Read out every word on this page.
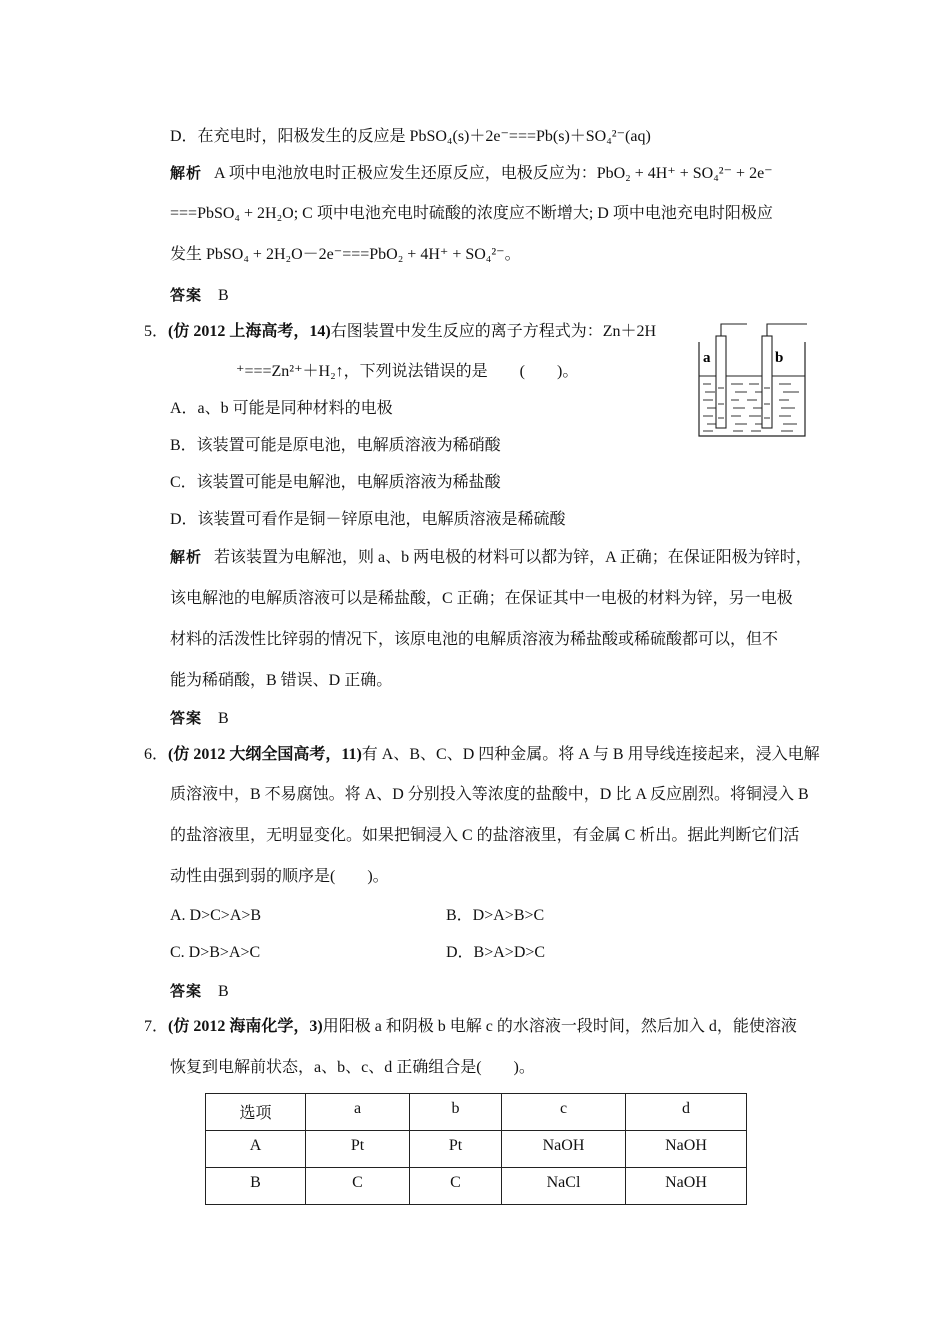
D．在充电时，阳极发生的反应是 PbSO₄(s)＋2e⁻===Pb(s)＋SO₄²⁻(aq)
解析 A 项中电池放电时正极应发生还原反应，电极反应为：PbO₂ + 4H⁺ + SO₄²⁻ + 2e⁻
===PbSO₄ + 2H₂O; C 项中电池充电时硫酸的浓度应不断增大; D 项中电池充电时阳极应
发生 PbSO₄ + 2H₂O－2e⁻===PbO₂ + 4H⁺ + SO₄²⁻。
答案 B
5．(仿 2012 上海高考，14)右图装置中发生反应的离子方程式为：Zn＋2H
⁺===Zn²⁺＋H₂↑，下列说法错误的是　　(　　)。
A．a、b 可能是同种材料的电极
B．该装置可能是原电池，电解质溶液为稀硝酸
C．该装置可能是电解池，电解质溶液为稀盐酸
D．该装置可看作是铜－锌原电池，电解质溶液是稀硫酸
a	b
解析 若该装置为电解池，则 a、b 两电极的材料可以都为锌，A 正确；在保证阳极为锌时，
该电解池的电解质溶液可以是稀盐酸，C 正确；在保证其中一电极的材料为锌，另一电极
材料的活泼性比锌弱的情况下，该原电池的电解质溶液为稀盐酸或稀硫酸都可以，但不
能为稀硝酸，B 错误、D 正确。
答案 B
6．(仿 2012 大纲全国高考，11)有 A、B、C、D 四种金属。将 A 与 B 用导线连接起来，浸入电解
质溶液中，B 不易腐蚀。将 A、D 分别投入等浓度的盐酸中，D 比 A 反应剧烈。将铜浸入 B
的盐溶液里，无明显变化。如果把铜浸入 C 的盐溶液里，有金属 C 析出。据此判断它们活
动性由强到弱的顺序是(　　)。
A. D>C>A>B	B．D>A>B>C
C. D>B>A>C	D．B>A>D>C
答案 B
7．(仿 2012 海南化学，3)用阳极 a 和阴极 b 电解 c 的水溶液一段时间，然后加入 d，能使溶液
恢复到电解前状态，a、b、c、d 正确组合是(　　)。
选项	a	b	c	d
A	Pt	Pt	NaOH	NaOH
B	C	C	NaCl	NaOH
